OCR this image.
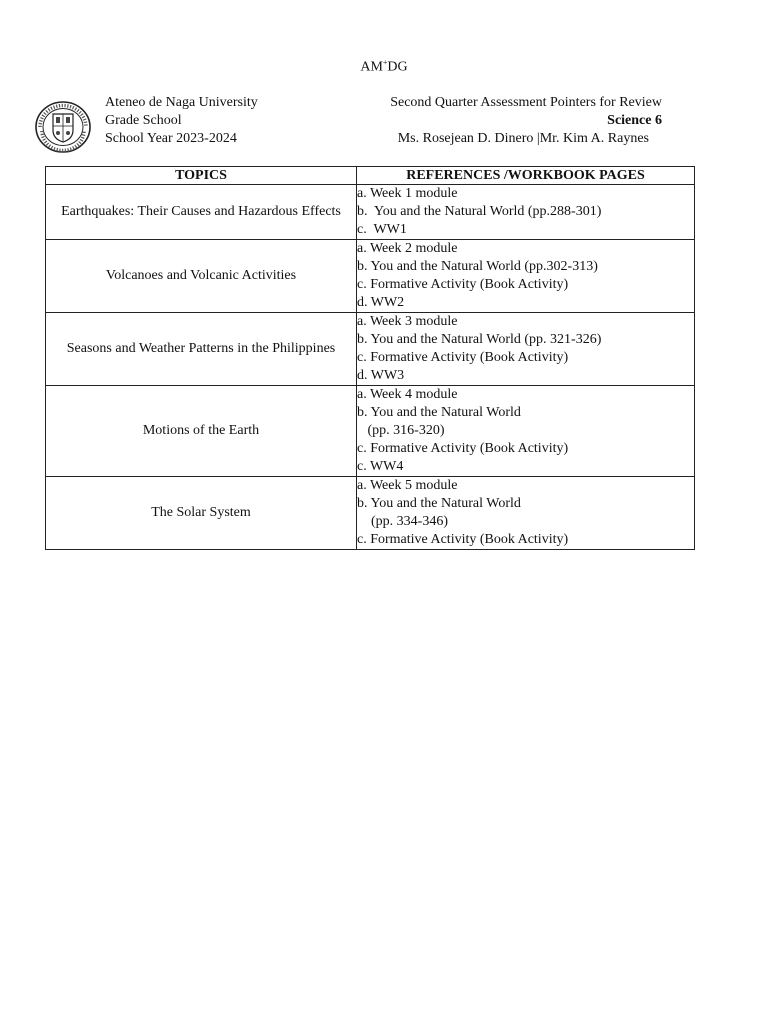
AM+DG
Ateneo de Naga University
Grade School
School Year 2023-2024
Second Quarter Assessment Pointers for Review
Science 6
Ms. Rosejean D. Dinero |Mr. Kim A. Raynes
TOPICS	REFERENCES /WORKBOOK PAGES
Earthquakes: Their Causes and Hazardous Effects	a. Week 1 module
b.  You and the Natural World (pp.288-301)
c.  WW1

Volcanoes and Volcanic Activities	a. Week 2 module
b. You and the Natural World (pp.302-313)
c. Formative Activity (Book Activity)
d. WW2

Seasons and Weather Patterns in the Philippines	a. Week 3 module
b. You and the Natural World (pp. 321-326)
c. Formative Activity (Book Activity)
d. WW3

Motions of the Earth	a. Week 4 module
b. You and the Natural World
(pp. 316-320)
c. Formative Activity (Book Activity)
c. WW4

The Solar System	a. Week 5 module
b. You and the Natural World
(pp. 334-346)
c. Formative Activity (Book Activity)
